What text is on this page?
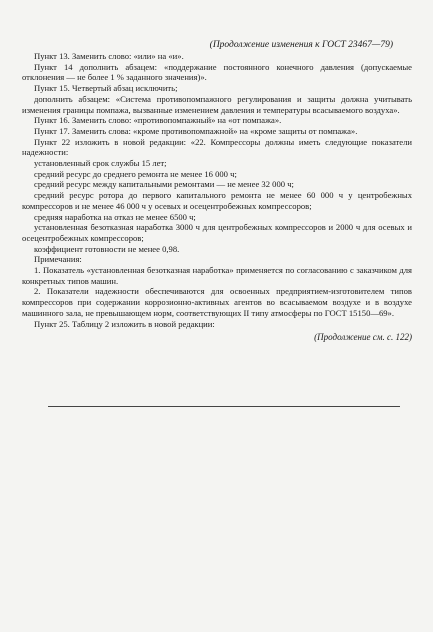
(Продолжение изменения к ГОСТ 23467—79)

Пункт 13. Заменить слово: «или» на «и».

Пункт 14 дополнить абзацем: «поддержание постоянного конечного давления (допускаемые отклонения — не более 1 % заданного значения)».

Пункт 15. Четвертый абзац исключить;

дополнить абзацем: «Система противопомпажного регулирования и защиты должна учитывать изменения границы помпажа, вызванные изменением давления и температуры всасываемого воздуха».

Пункт 16. Заменить слово: «противопомпажный» на «от помпажа».

Пункт 17. Заменить слова: «кроме противопомпажной» на «кроме защиты от помпажа».

Пункт 22 изложить в новой редакции: «22. Компрессоры должны иметь следующие показатели надежности:

установленный срок службы 15 лет;

средний ресурс до среднего ремонта не менее 16 000 ч;

средний ресурс между капитальными ремонтами — не менее 32 000 ч;

средний ресурс ротора до первого капитального ремонта не менее 60 000 ч у центробежных компрессоров и не менее 46 000 ч у осевых и осецентробежных компрессоров;

средняя наработка на отказ не менее 6500 ч;

установленная безотказная наработка 3000 ч для центробежных компрессоров и 2000 ч для осевых и осецентробежных компрессоров;

коэффициент готовности не менее 0,98.

Примечания:

1. Показатель «установленная безотказная наработка» применяется по согласованию с заказчиком для конкретных типов машин.

2. Показатели надежности обеспечиваются для освоенных предприятием-изготовителем типов компрессоров при содержании коррозионно-активных агентов во всасываемом воздухе и в воздухе машинного зала, не превышающем норм, соответствующих II типу атмосферы по ГОСТ 15150—69».

Пункт 25. Таблицу 2 изложить в новой редакции:

(Продолжение см. с. 122)
